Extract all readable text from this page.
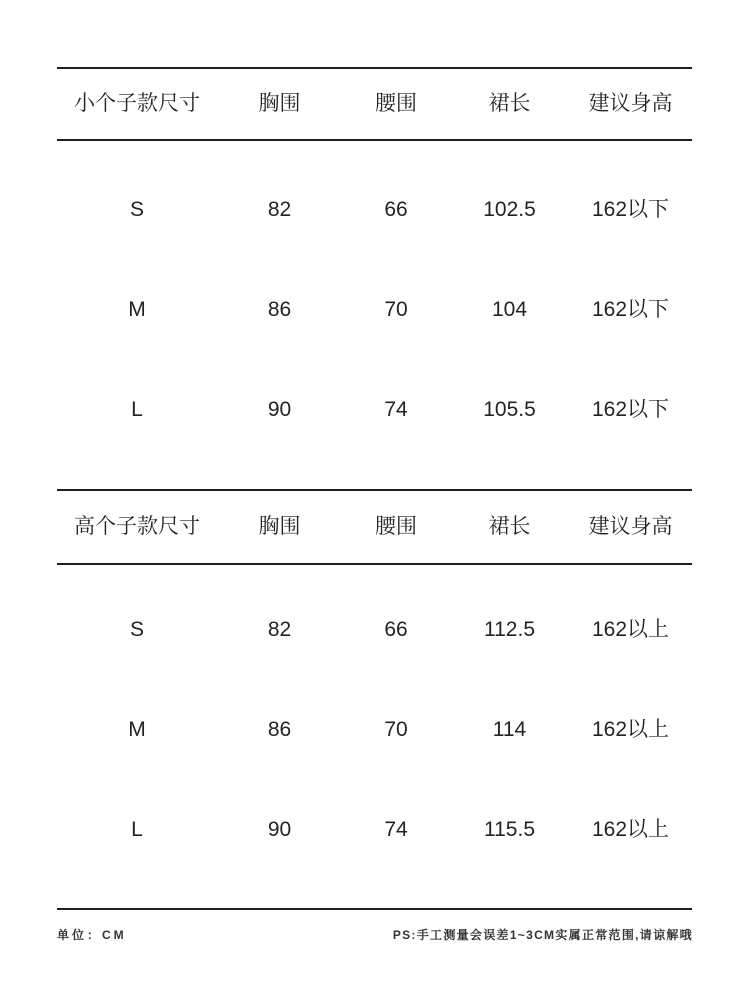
小个子款尺寸	胸围	腰围	裙长	建议身高
S	82	66	102.5	162以下
M	86	70	104	162以下
L	90	74	105.5	162以下
高个子款尺寸	胸围	腰围	裙长	建议身高
S	82	66	112.5	162以上
M	86	70	114	162以上
L	90	74	115.5	162以上
单位：CM	PS:手工测量会误差1~3CM实属正常范围,请谅解哦
